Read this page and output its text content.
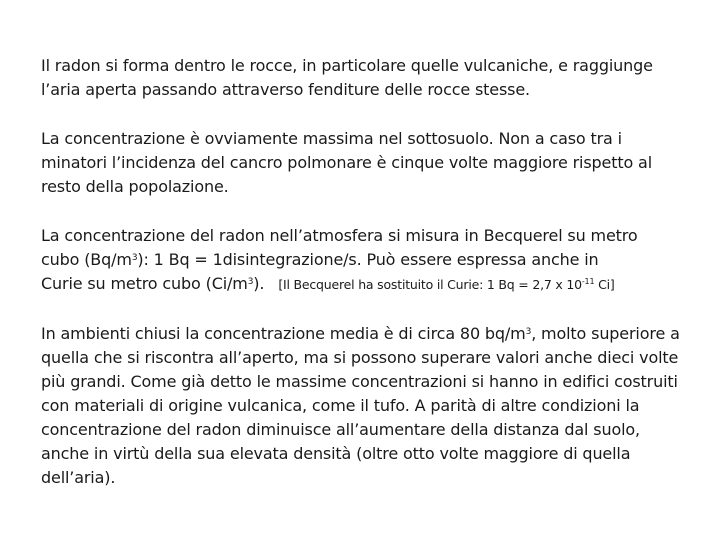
Il radon si forma dentro le rocce, in particolare quelle vulcaniche, e raggiunge l’aria aperta passando attraverso fenditure delle rocce stesse.

La concentrazione è ovviamente massima nel sottosuolo. Non a caso tra i minatori l’incidenza del cancro polmonare è cinque volte maggiore rispetto al resto della popolazione.

La concentrazione del radon nell’atmosfera si misura in Becquerel su metro
cubo $(Bq/m^3)$: 1 Bq = 1disintegrazione/s. Può essere espressa anche in
Curie su metro cubo $(Ci/m^3)$. [Il Becquerel ha sostituito il Curie: 1 Bq = 2,7 x $10^{-11}$ Ci]

In ambienti chiusi la concentrazione media è di circa 80 $bq/m^3$, molto superiore a quella che si riscontra all’aperto, ma si possono superare valori anche dieci volte più grandi. Come già detto le massime concentrazioni si hanno in edifici costruiti con materiali di origine vulcanica, come il tufo. A parità di altre condizioni la concentrazione del radon diminuisce all’aumentare della distanza dal suolo, anche in virtù della sua elevata densità (oltre otto volte maggiore di quella dell’aria).
